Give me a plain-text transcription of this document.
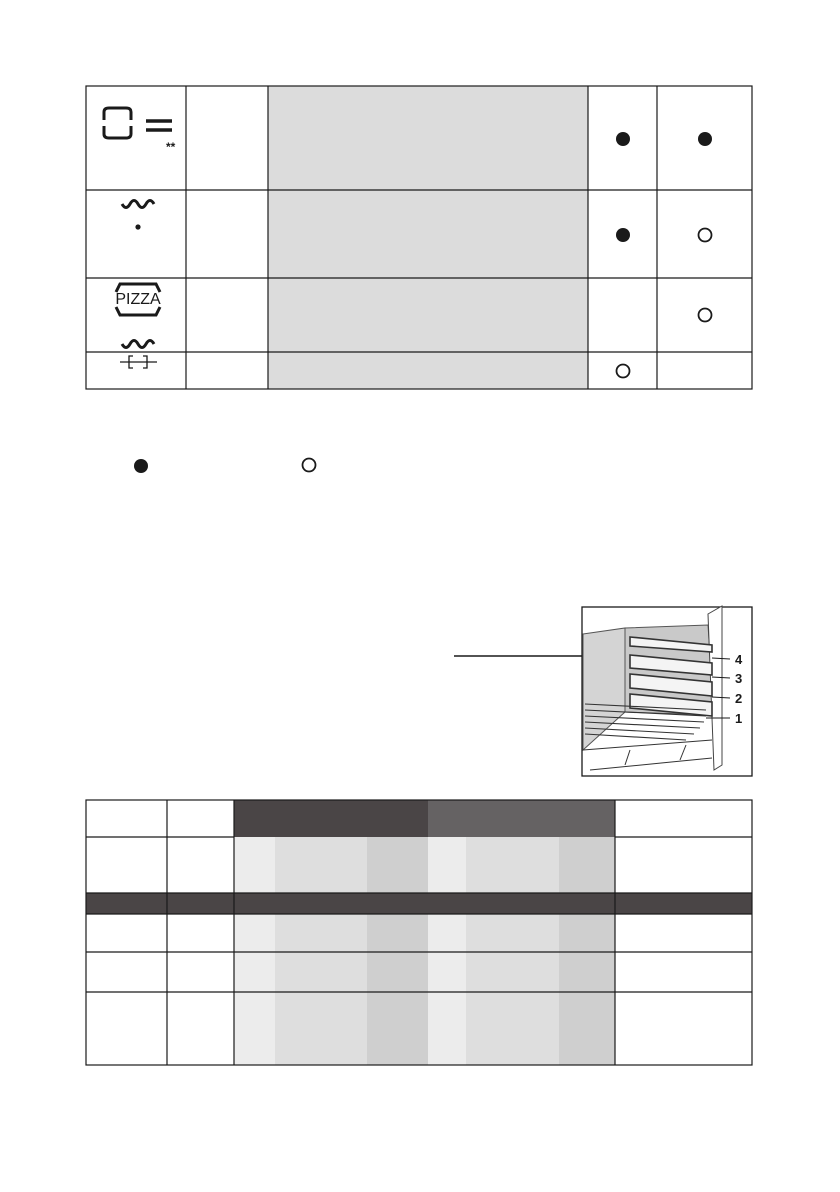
**
PIZZA
4
3
2
1
